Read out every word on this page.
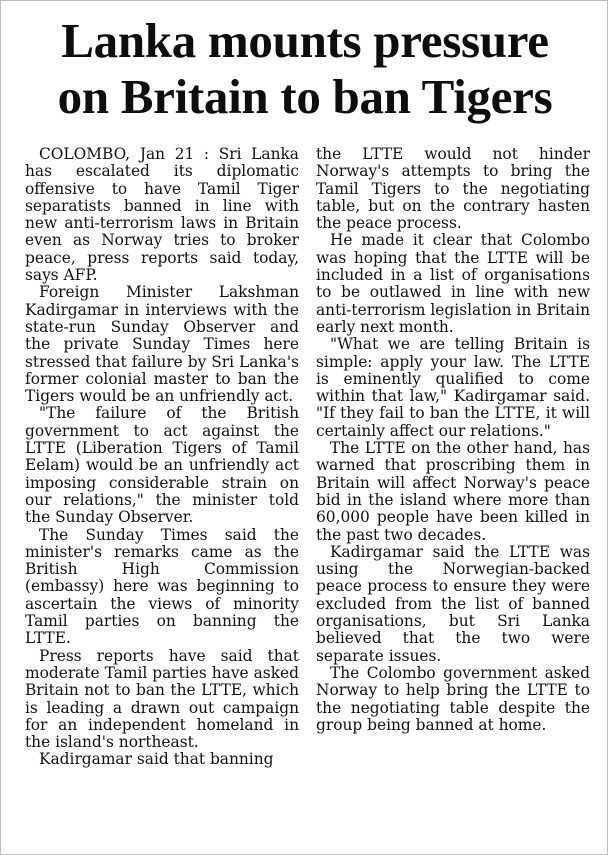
Lanka mounts pressure
on Britain to ban Tigers

COLOMBO, Jan 21 : Sri Lanka has escalated its diplomatic offensive to have Tamil Tiger separatists banned in line with new anti-terrorism laws in Britain even as Norway tries to broker peace, press reports said today, says AFP.

Foreign Minister Lakshman Kadirgamar in interviews with the state-run Sunday Observer and the private Sunday Times here stressed that failure by Sri Lanka's former colonial master to ban the Tigers would be an unfriendly act.

"The failure of the British government to act against the LTTE (Liberation Tigers of Tamil Eelam) would be an unfriendly act imposing considerable strain on our relations," the minister told the Sunday Observer.

The Sunday Times said the minister's remarks came as the British High Commission (embassy) here was beginning to ascertain the views of minority Tamil parties on banning the LTTE.

Press reports have said that moderate Tamil parties have asked Britain not to ban the LTTE, which is leading a drawn out campaign for an independent homeland in the island's northeast.

Kadirgamar said that banning

the LTTE would not hinder Norway's attempts to bring the Tamil Tigers to the negotiating table, but on the contrary hasten the peace process.

He made it clear that Colombo was hoping that the LTTE will be included in a list of organisations to be outlawed in line with new anti-terrorism legislation in Britain early next month.

"What we are telling Britain is simple: apply your law. The LTTE is eminently qualified to come within that law," Kadirgamar said. "If they fail to ban the LTTE, it will certainly affect our relations."

The LTTE on the other hand, has warned that proscribing them in Britain will affect Norway's peace bid in the island where more than 60,000 people have been killed in the past two decades.

Kadirgamar said the LTTE was using the Norwegian-backed peace process to ensure they were excluded from the list of banned organisations, but Sri Lanka believed that the two were separate issues.

The Colombo government asked Norway to help bring the LTTE to the negotiating table despite the group being banned at home.
